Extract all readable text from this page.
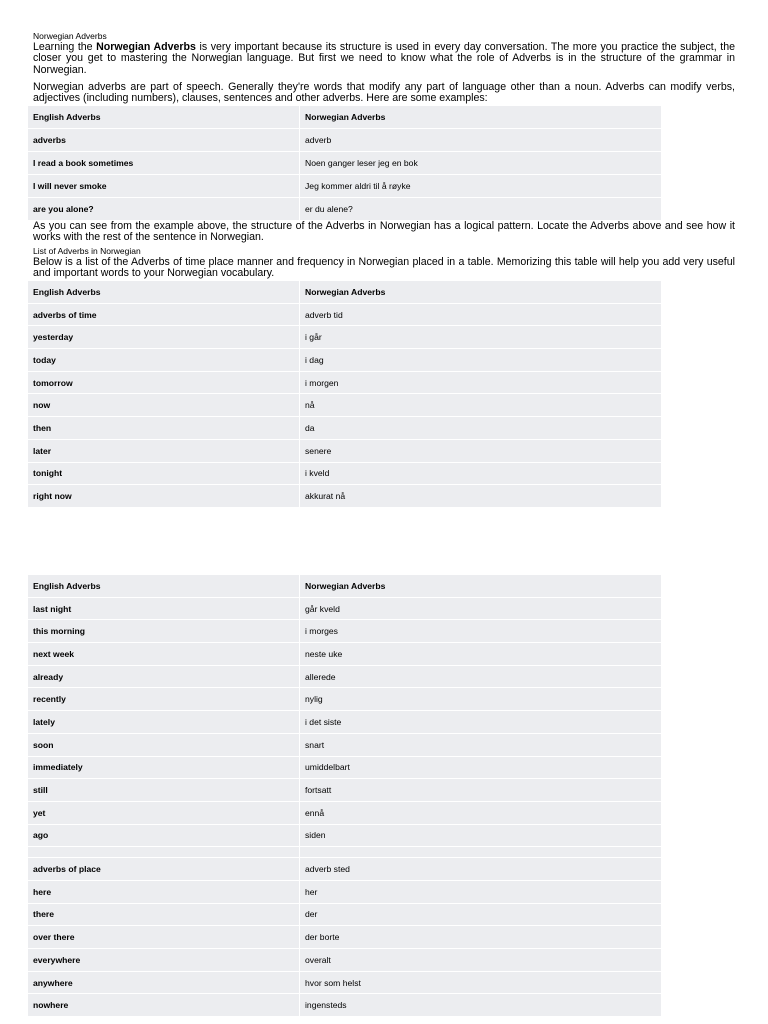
Norwegian Adverbs
Learning the Norwegian Adverbs is very important because its structure is used in every day conversation. The more you practice the subject, the closer you get to mastering the Norwegian language. But first we need to know what the role of Adverbs is in the structure of the grammar in Norwegian.
Norwegian adverbs are part of speech. Generally they're words that modify any part of language other than a noun. Adverbs can modify verbs, adjectives (including numbers), clauses, sentences and other adverbs. Here are some examples:
English Adverbs	Norwegian Adverbs
adverbs	adverb
I read a book sometimes	Noen ganger leser jeg en bok
I will never smoke	Jeg kommer aldri til å røyke
are you alone?	er du alene?
As you can see from the example above, the structure of the Adverbs in Norwegian has a logical pattern. Locate the Adverbs above and see how it works with the rest of the sentence in Norwegian.
List of Adverbs in Norwegian
Below is a list of the Adverbs of time place manner and frequency in Norwegian placed in a table. Memorizing this table will help you add very useful and important words to your Norwegian vocabulary.
English Adverbs	Norwegian Adverbs
adverbs of time	adverb tid
yesterday	i går
today	i dag
tomorrow	i morgen
now	nå
then	da
later	senere
tonight	i kveld
right now	akkurat nå
English Adverbs	Norwegian Adverbs
last night	går kveld
this morning	i morges
next week	neste uke
already	allerede
recently	nylig
lately	i det siste
soon	snart
immediately	umiddelbart
still	fortsatt
yet	ennå
ago	siden

adverbs of place	adverb sted
here	her
there	der
over there	der borte
everywhere	overalt
anywhere	hvor som helst
nowhere	ingensteds
